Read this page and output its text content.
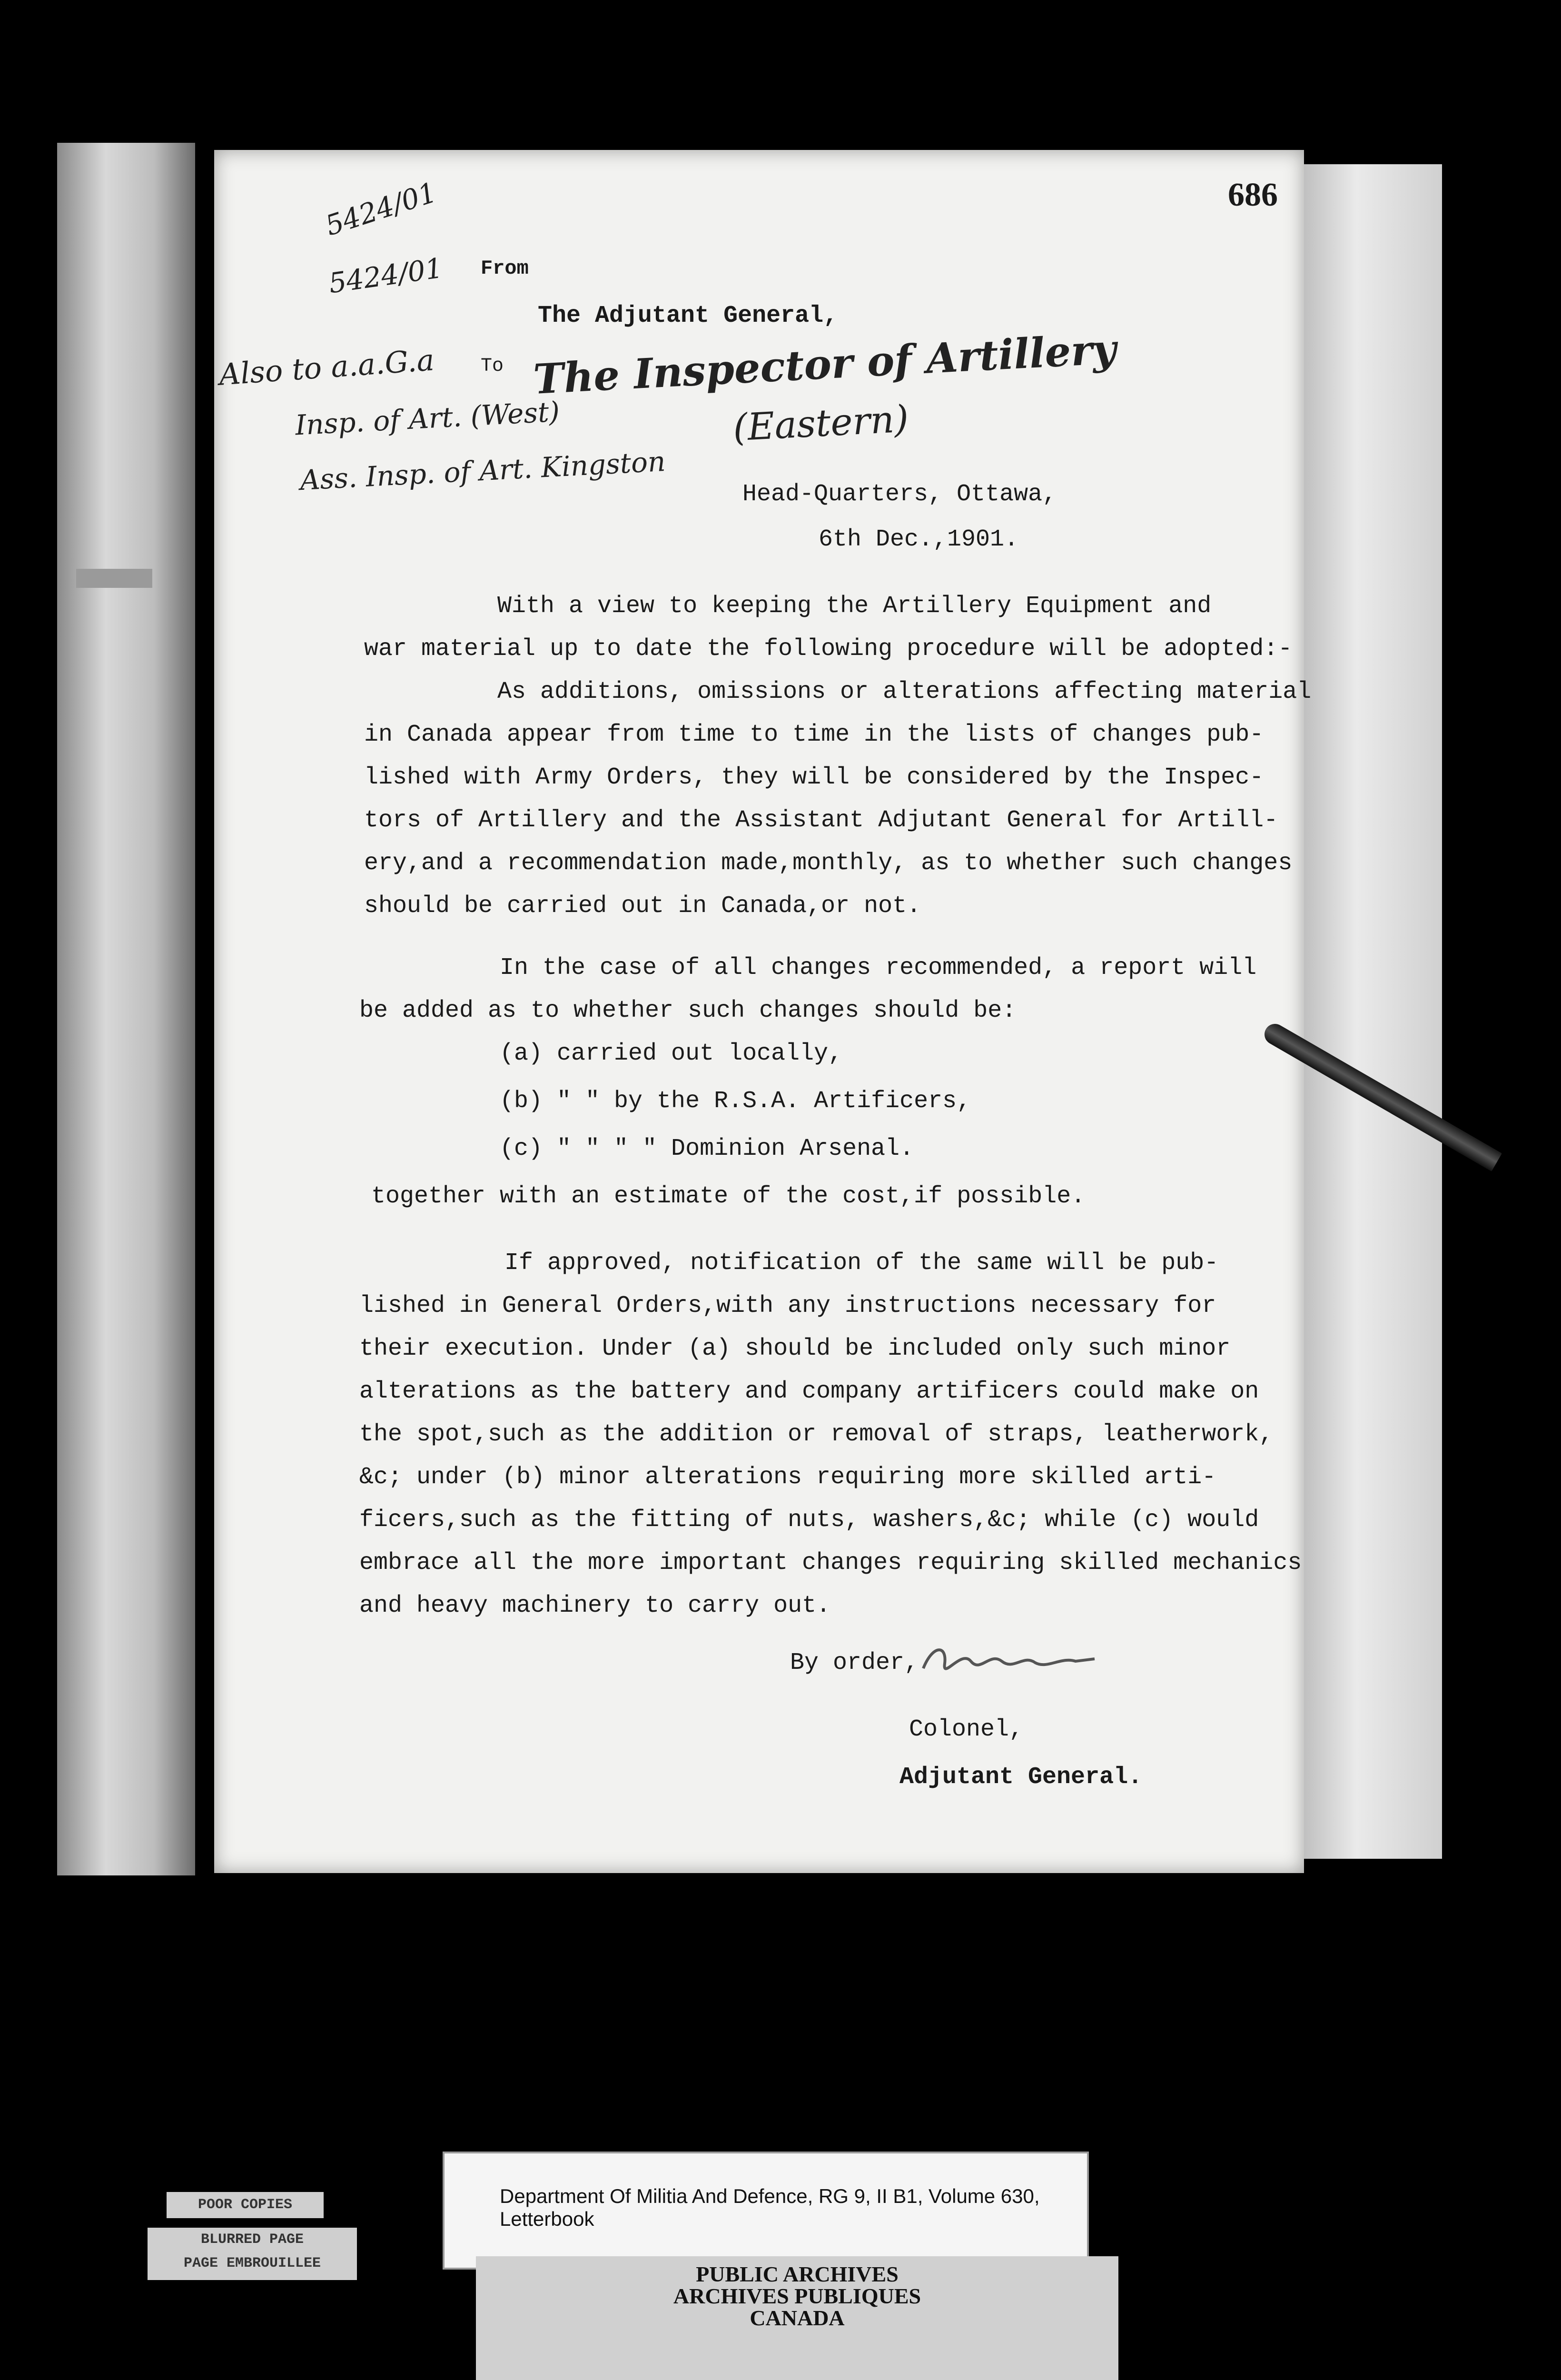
686
5424/01
5424/01 From
The Adjutant General,
Also to a.a.G.a To The Inspector of Artillery
(Eastern)
Insp. of Art. (West)
Ass. Insp. of Art. Kingston	Head-Quarters, Ottawa,
6th Dec.,1901.
With a view to keeping the Artillery Equipment and
war material up to date the following procedure will be adopted:-
As additions, omissions or alterations affecting material
in Canada appear from time to time in the lists of changes pub-
lished with Army Orders, they will be considered by the Inspec-
tors of Artillery and the Assistant Adjutant General for Artill-
ery,and a recommendation made,monthly, as to whether such changes
should be carried out in Canada,or not.
In the case of all changes recommended, a report will
be added as to whether such changes should be:
(a) carried out locally,
(b) " " by the R.S.A. Artificers,
(c) " " " " Dominion Arsenal.
together with an estimate of the cost,if possible.
If approved, notification of the same will be pub-
lished in General Orders,with any instructions necessary for
their execution. Under (a) should be included only such minor
alterations as the battery and company artificers could make on
the spot,such as the addition or removal of straps, leatherwork,
&c; under (b) minor alterations requiring more skilled arti-
ficers,such as the fitting of nuts, washers,&c; while (c) would
embrace all the more important changes requiring skilled mechanics
and heavy machinery to carry out.
By order,
Colonel,
Adjutant General.
POOR COPIES
BLURRED PAGE
PAGE EMBROUILLEE
Department Of Militia And Defence, RG 9, II B1, Volume 630,
Letterbook
PUBLIC ARCHIVES
ARCHIVES PUBLIQUES
CANADA
